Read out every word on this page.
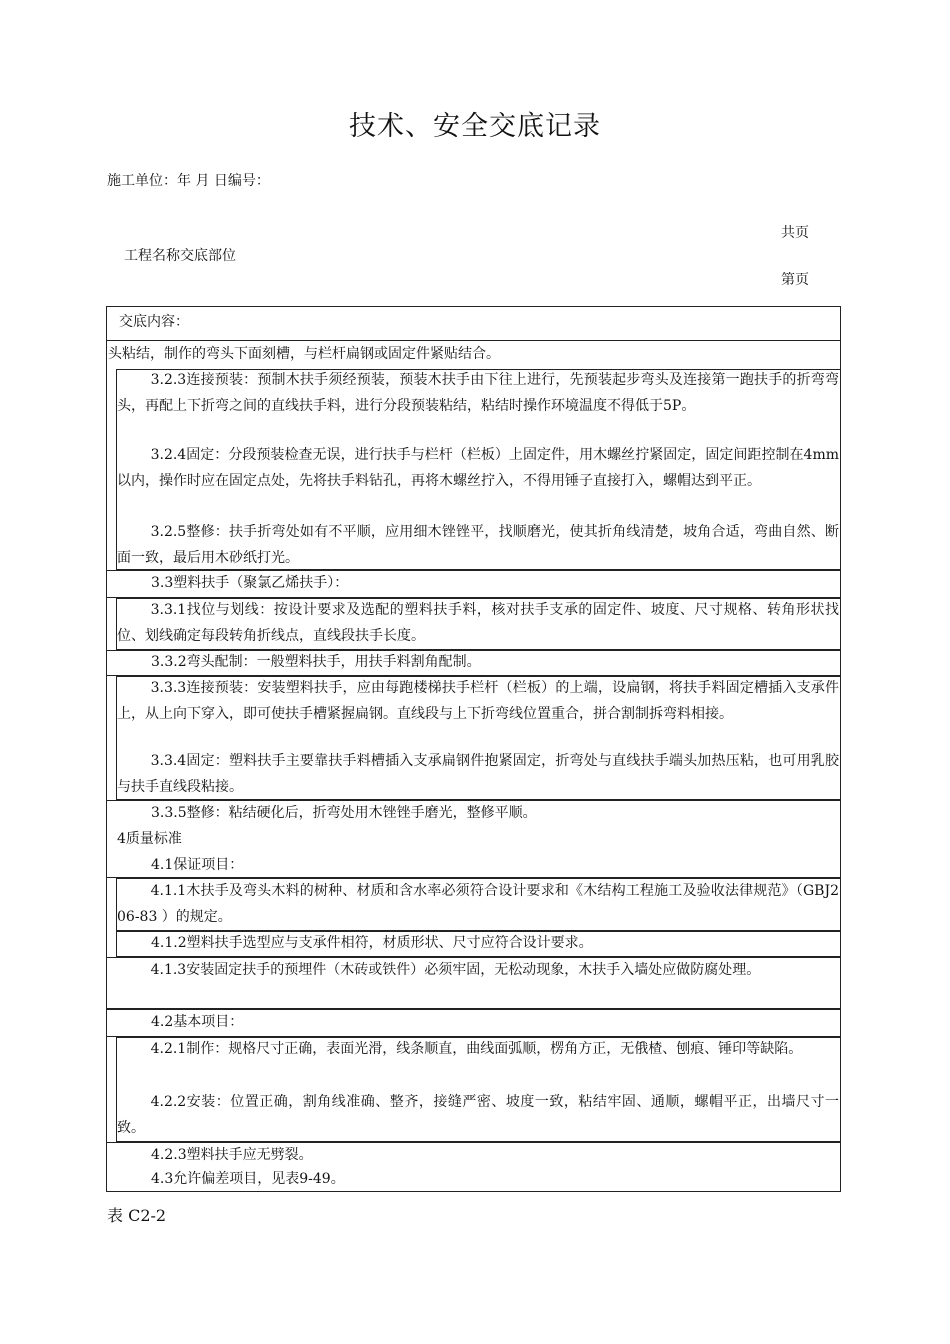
技术、安全交底记录
施工单位：年 月 日编号：
共页
工程名称交底部位
第页
交底内容：
头粘结，制作的弯头下面刻槽，与栏杆扁钢或固定件紧贴结合。
3.2.3连接预装：预制木扶手须经预装，预装木扶手由下往上进行，先预装起步弯头及连接第一跑扶手的折弯弯头，再配上下折弯之间的直线扶手料，进行分段预装粘结，粘结时操作环境温度不得低于5P。
3.2.4固定：分段预装检查无误，进行扶手与栏杆（栏板）上固定件，用木螺丝拧紧固定，固定间距控制在4mm以内，操作时应在固定点处，先将扶手料钻孔，再将木螺丝拧入，不得用锤子直接打入，螺帽达到平正。
3.2.5整修：扶手折弯处如有不平顺，应用细木锉锉平，找顺磨光，使其折角线清楚，坡角合适，弯曲自然、断面一致，最后用木砂纸打光。
3.3塑料扶手（聚氯乙烯扶手）：
3.3.1找位与划线：按设计要求及选配的塑料扶手料，核对扶手支承的固定件、坡度、尺寸规格、转角形状找位、划线确定每段转角折线点，直线段扶手长度。
3.3.2弯头配制：一般塑料扶手，用扶手料割角配制。
3.3.3连接预装：安装塑料扶手，应由每跑楼梯扶手栏杆（栏板）的上端，设扁钢，将扶手料固定槽插入支承件上，从上向下穿入，即可使扶手槽紧握扁钢。直线段与上下折弯线位置重合，拼合割制拆弯料相接。
3.3.4固定：塑料扶手主要靠扶手料槽插入支承扁钢件抱紧固定，折弯处与直线扶手端头加热压粘，也可用乳胶与扶手直线段粘接。
3.3.5整修：粘结硬化后，折弯处用木锉锉手磨光，整修平顺。
4质量标准
4.1保证项目：
4.1.1木扶手及弯头木料的树种、材质和含水率必须符合设计要求和《木结构工程施工及验收法律规范》（GBJ206-83 ）的规定。
4.1.2塑料扶手选型应与支承件相符，材质形状、尺寸应符合设计要求。
4.1.3安装固定扶手的预埋件（木砖或铁件）必须牢固，无松动现象，木扶手入墙处应做防腐处理。
4.2基本项目：
4.2.1制作：规格尺寸正确，表面光滑，线条顺直，曲线面弧顺，楞角方正，无俄楂、刨痕、锤印等缺陷。
4.2.2安装：位置正确，割角线准确、整齐，接缝严密、坡度一致，粘结牢固、通顺，螺帽平正，出墙尺寸一致。
4.2.3塑料扶手应无劈裂。
4.3允许偏差项目，见表9-49。
表 C2-2
